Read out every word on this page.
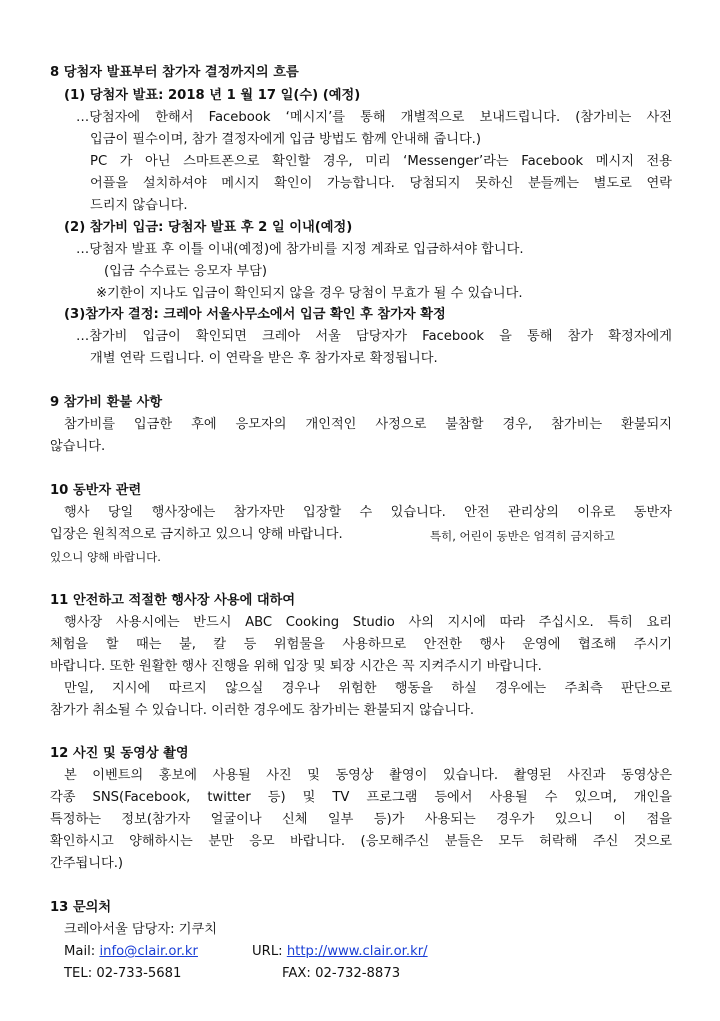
8 당첨자 발표부터 참가자 결정까지의 흐름
(1) 당첨자 발표: 2018 년 1 월 17 일(수) (예정)
…당첨자에 한해서 Facebook ‘메시지’를 통해 개별적으로 보내드립니다. (참가비는 사전
입금이 필수이며, 참가 결정자에게 입금 방법도 함께 안내해 줍니다.)
PC 가 아닌 스마트폰으로 확인할 경우, 미리 ‘Messenger’라는 Facebook 메시지 전용
어플을 설치하셔야 메시지 확인이 가능합니다. 당첨되지 못하신 분들께는 별도로 연락
드리지 않습니다.
(2) 참가비 입금: 당첨자 발표 후 2 일 이내(예정)
…당첨자 발표 후 이틀 이내(예정)에 참가비를 지정 계좌로 입금하셔야 합니다.
(입금 수수료는 응모자 부담)
※기한이 지나도 입금이 확인되지 않을 경우 당첨이 무효가 될 수 있습니다.
(3)참가자 결정: 크레아 서울사무소에서 입금 확인 후 참가자 확정
…참가비 입금이 확인되면 크레아 서울 담당자가 Facebook 을 통해 참가 확정자에게
개별 연락 드립니다. 이 연락을 받은 후 참가자로 확정됩니다.
9 참가비 환불 사항
참가비를 입금한 후에 응모자의 개인적인 사정으로 불참할 경우, 참가비는 환불되지
않습니다.
10 동반자 관련
행사 당일 행사장에는 참가자만 입장할 수 있습니다. 안전 관리상의 이유로 동반자
입장은 원칙적으로 금지하고 있으니 양해 바랍니다.	특히, 어린이 동반은 엄격히 금지하고
있으니 양해 바랍니다.
11 안전하고 적절한 행사장 사용에 대하여
행사장 사용시에는 반드시 ABC Cooking Studio 사의 지시에 따라 주십시오. 특히 요리
체험을 할 때는 불, 칼 등 위험물을 사용하므로 안전한 행사 운영에 협조해 주시기
바랍니다. 또한 원활한 행사 진행을 위해 입장 및 퇴장 시간은 꼭 지켜주시기 바랍니다.
만일, 지시에 따르지 않으실 경우나 위험한 행동을 하실 경우에는 주최측 판단으로
참가가 취소될 수 있습니다. 이러한 경우에도 참가비는 환불되지 않습니다.
12 사진 및 동영상 촬영
본 이벤트의 홍보에 사용될 사진 및 동영상 촬영이 있습니다. 촬영된 사진과 동영상은
각종 SNS(Facebook, twitter 등) 및 TV 프로그램 등에서 사용될 수 있으며, 개인을
특정하는 정보(참가자 얼굴이나 신체 일부 등)가 사용되는 경우가 있으니 이 점을
확인하시고 양해하시는 분만 응모 바랍니다. (응모해주신 분들은 모두 허락해 주신 것으로
간주됩니다.)
13 문의처
크레아서울 담당자: 기쿠치
Mail: info@clair.or.kr	URL: http://www.clair.or.kr/
TEL: 02-733-5681	FAX: 02-732-8873
